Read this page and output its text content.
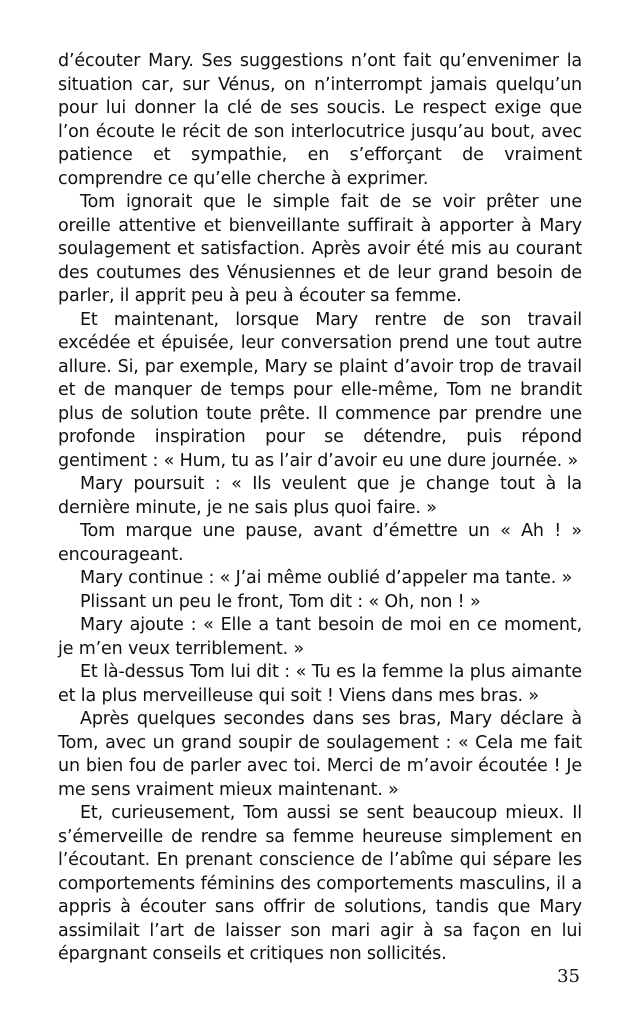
d’écouter Mary. Ses suggestions n’ont fait qu’envenimer la situation car, sur Vénus, on n’interrompt jamais quelqu’un pour lui donner la clé de ses soucis. Le respect exige que l’on écoute le récit de son interlocutrice jusqu’au bout, avec patience et sympathie, en s’efforçant de vraiment comprendre ce qu’elle cherche à exprimer.

Tom ignorait que le simple fait de se voir prêter une oreille attentive et bienveillante suffirait à apporter à Mary soulagement et satisfaction. Après avoir été mis au courant des coutumes des Vénusiennes et de leur grand besoin de parler, il apprit peu à peu à écouter sa femme.

Et maintenant, lorsque Mary rentre de son travail excédée et épuisée, leur conversation prend une tout autre allure. Si, par exemple, Mary se plaint d’avoir trop de travail et de manquer de temps pour elle-même, Tom ne brandit plus de solution toute prête. Il commence par prendre une profonde inspiration pour se détendre, puis répond gentiment : « Hum, tu as l’air d’avoir eu une dure journée. »

Mary poursuit : « Ils veulent que je change tout à la dernière minute, je ne sais plus quoi faire. »

Tom marque une pause, avant d’émettre un « Ah ! » encourageant.

Mary continue : « J’ai même oublié d’appeler ma tante. »

Plissant un peu le front, Tom dit : « Oh, non ! »

Mary ajoute : « Elle a tant besoin de moi en ce moment, je m’en veux terriblement. »

Et là-dessus Tom lui dit : « Tu es la femme la plus aimante et la plus merveilleuse qui soit ! Viens dans mes bras. »

Après quelques secondes dans ses bras, Mary déclare à Tom, avec un grand soupir de soulagement : « Cela me fait un bien fou de parler avec toi. Merci de m’avoir écoutée ! Je me sens vraiment mieux maintenant. »

Et, curieusement, Tom aussi se sent beaucoup mieux. Il s’émerveille de rendre sa femme heureuse simplement en l’écoutant. En prenant conscience de l’abîme qui sépare les comportements féminins des comportements masculins, il a appris à écouter sans offrir de solutions, tandis que Mary assimilait l’art de laisser son mari agir à sa façon en lui épargnant conseils et critiques non sollicités.

35
